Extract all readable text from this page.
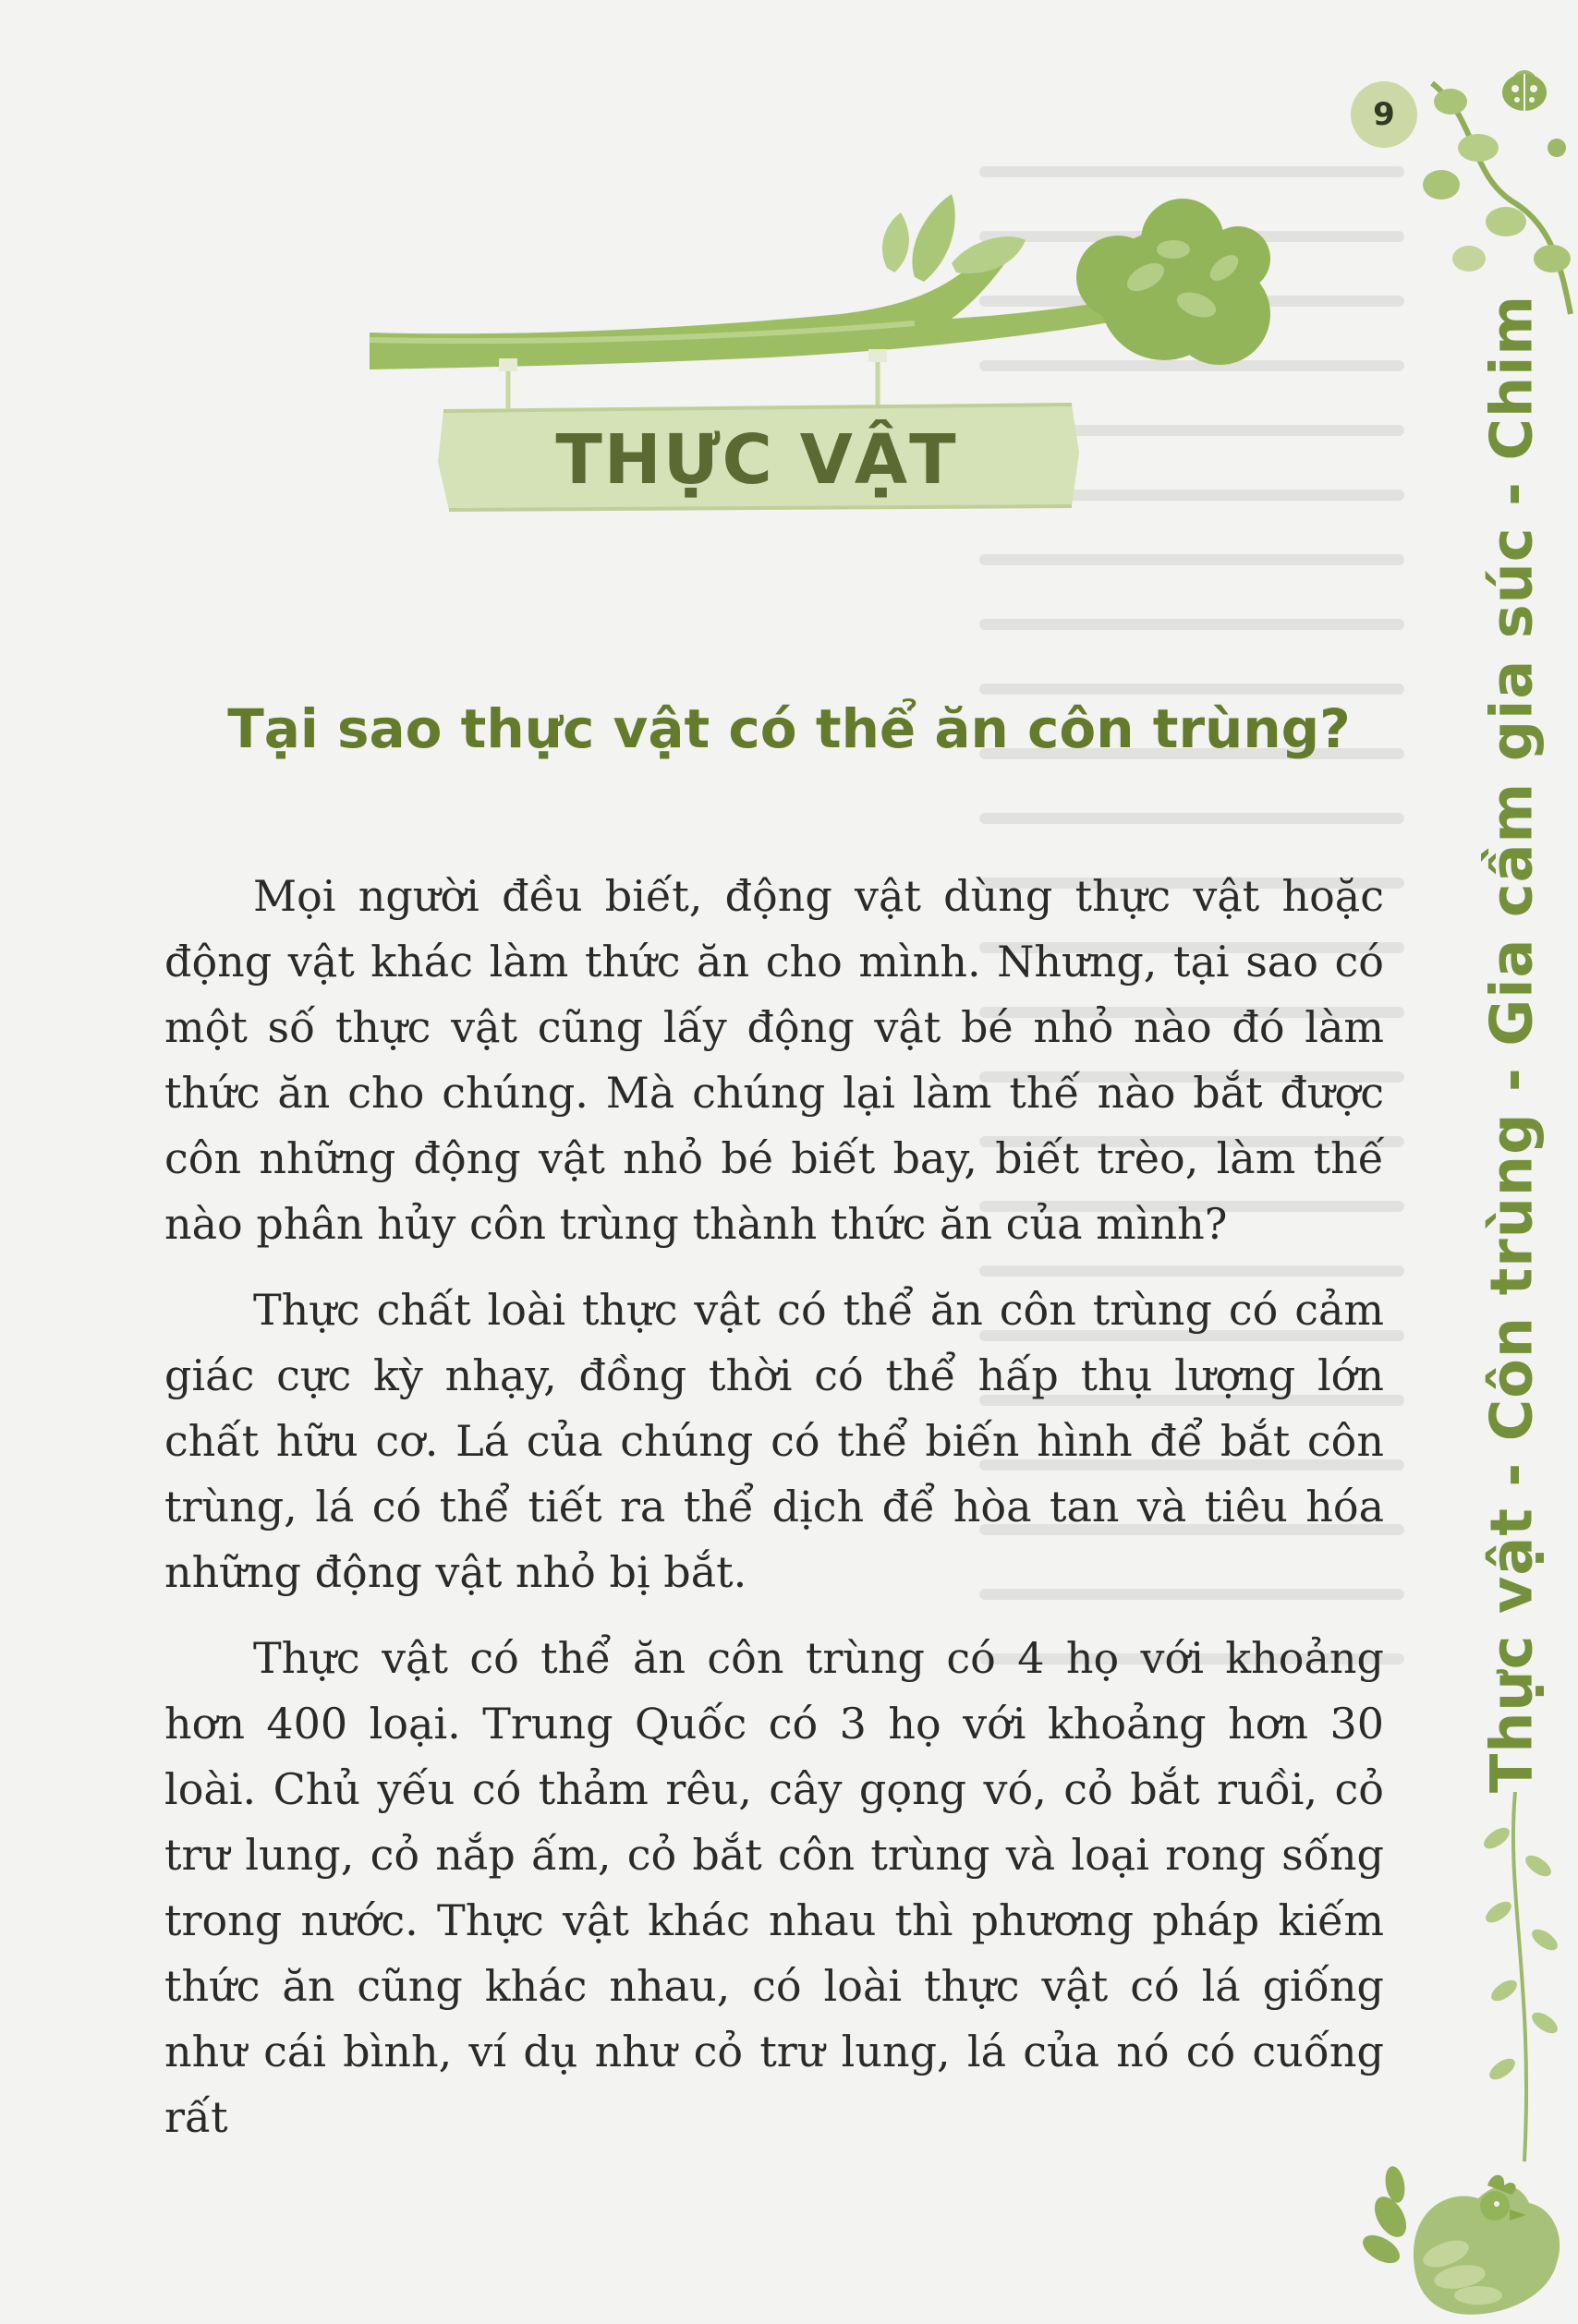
9
THỰC VẬT
Tại sao thực vật có thể ăn côn trùng?

Mọi người đều biết, động vật dùng thực vật hoặc động vật khác làm thức ăn cho mình. Nhưng, tại sao có một số thực vật cũng lấy động vật bé nhỏ nào đó làm thức ăn cho chúng. Mà chúng lại làm thế nào bắt được côn những động vật nhỏ bé biết bay, biết trèo, làm thế nào phân hủy côn trùng thành thức ăn của mình?

Thực chất loài thực vật có thể ăn côn trùng có cảm giác cực kỳ nhạy, đồng thời có thể hấp thụ lượng lớn chất hữu cơ. Lá của chúng có thể biến hình để bắt côn trùng, lá có thể tiết ra thể dịch để hòa tan và tiêu hóa những động vật nhỏ bị bắt.

Thực vật có thể ăn côn trùng có 4 họ với khoảng hơn 400 loại. Trung Quốc có 3 họ với khoảng hơn 30 loài. Chủ yếu có thảm rêu, cây gọng vó, cỏ bắt ruồi, cỏ trư lung, cỏ nắp ấm, cỏ bắt côn trùng và loại rong sống trong nước. Thực vật khác nhau thì phương pháp kiếm thức ăn cũng khác nhau, có loài thực vật có lá giống như cái bình, ví dụ như cỏ trư lung, lá của nó có cuống rất

Thực vật - Côn trùng - Gia cầm gia súc - Chim
